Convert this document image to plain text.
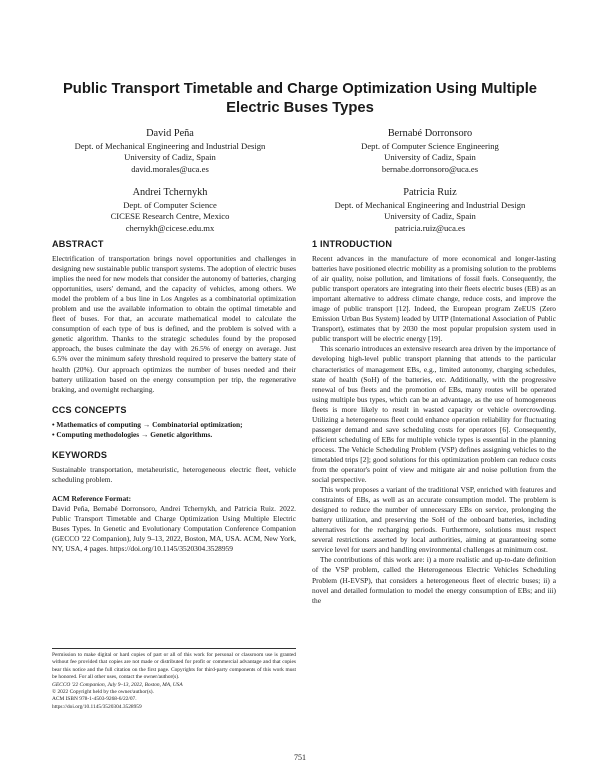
Public Transport Timetable and Charge Optimization Using Multiple Electric Buses Types
David Peña
Dept. of Mechanical Engineering and Industrial Design
University of Cadiz, Spain
david.morales@uca.es
Bernabé Dorronsoro
Dept. of Computer Science Engineering
University of Cadiz, Spain
bernabe.dorronsoro@uca.es
Andrei Tchernykh
Dept. of Computer Science
CICESE Research Centre, Mexico
chernykh@cicese.edu.mx
Patricia Ruiz
Dept. of Mechanical Engineering and Industrial Design
University of Cadiz, Spain
patricia.ruiz@uca.es
ABSTRACT

Electrification of transportation brings novel opportunities and challenges in designing new sustainable public transport systems. The adoption of electric buses implies the need for new models that consider the autonomy of batteries, charging opportunities, users' demand, and the capacity of vehicles, among others. We model the problem of a bus line in Los Angeles as a combinatorial optimization problem and use the available information to obtain the optimal timetable and fleet of buses. For that, an accurate mathematical model to calculate the consumption of each type of bus is defined, and the problem is solved with a genetic algorithm. Thanks to the strategic schedules found by the proposed approach, the buses culminate the day with 26.5% of energy on average. Just 6.5% over the minimum safety threshold required to preserve the battery state of health (20%). Our approach optimizes the number of buses needed and their battery utilization based on the energy consumption per trip, the regenerative braking, and overnight recharging.

CCS CONCEPTS
• Mathematics of computing → Combinatorial optimization;
• Computing methodologies → Genetic algorithms.
KEYWORDS

Sustainable transportation, metaheuristic, heterogeneous electric fleet, vehicle scheduling problem.

ACM Reference Format:

David Peña, Bernabé Dorronsoro, Andrei Tchernykh, and Patricia Ruiz. 2022. Public Transport Timetable and Charge Optimization Using Multiple Electric Buses Types. In Genetic and Evolutionary Computation Conference Companion (GECCO '22 Companion), July 9–13, 2022, Boston, MA, USA. ACM, New York, NY, USA, 4 pages. https://doi.org/10.1145/3520304.3528959

Permission to make digital or hard copies of part or all of this work for personal or classroom use is granted without fee provided that copies are not made or distributed for profit or commercial advantage and that copies bear this notice and the full citation on the first page. Copyrights for third-party components of this work must be honored. For all other uses, contact the owner/author(s).
GECCO '22 Companion, July 9–13, 2022, Boston, MA, USA
© 2022 Copyright held by the owner/author(s).
ACM ISBN 978-1-4503-9268-6/22/07.
https://doi.org/10.1145/3520304.3528959
1 INTRODUCTION

Recent advances in the manufacture of more economical and longer-lasting batteries have positioned electric mobility as a promising solution to the problems of air quality, noise pollution, and limitations of fossil fuels. Consequently, the public transport operators are integrating into their fleets electric buses (EB) as an important alternative to address climate change, reduce costs, and improve the image of public transport [12]. Indeed, the European program ZeEUS (Zero Emission Urban Bus System) leaded by UITP (International Association of Public Transport), estimates that by 2030 the most popular propulsion system used in public transport will be electric energy [19].

This scenario introduces an extensive research area driven by the importance of developing high-level public transport planning that attends to the particular characteristics of management EBs, e.g., limited autonomy, charging schedules, state of health (SoH) of the batteries, etc. Additionally, with the progressive renewal of bus fleets and the promotion of EBs, many routes will be operated using multiple bus types, which can be an advantage, as the use of homogeneous fleets is more likely to result in wasted capacity or vehicle overcrowding. Utilizing a heterogeneous fleet could enhance operation reliability for fluctuating passenger demand and save scheduling costs for operators [6]. Consequently, efficient scheduling of EBs for multiple vehicle types is essential in the planning process. The Vehicle Scheduling Problem (VSP) defines assigning vehicles to the timetabled trips [2]; good solutions for this optimization problem can reduce costs from the operator's point of view and mitigate air and noise pollution from the social perspective.

This work proposes a variant of the traditional VSP, enriched with features and constraints of EBs, as well as an accurate consumption model. The problem is designed to reduce the number of unnecessary EBs on service, prolonging the battery utilization, and preserving the SoH of the onboard batteries, including alternatives for the recharging periods. Furthermore, solutions must respect several restrictions asserted by local authorities, aiming at guaranteeing some service level for users and handling environmental challenges at minimum cost.

The contributions of this work are: i) a more realistic and up-to-date definition of the VSP problem, called the Heterogeneous Electric Vehicles Scheduling Problem (H-EVSP), that considers a heterogeneous fleet of electric buses; ii) a novel and detailed formulation to model the energy consumption of EBs; and iii) the

751
